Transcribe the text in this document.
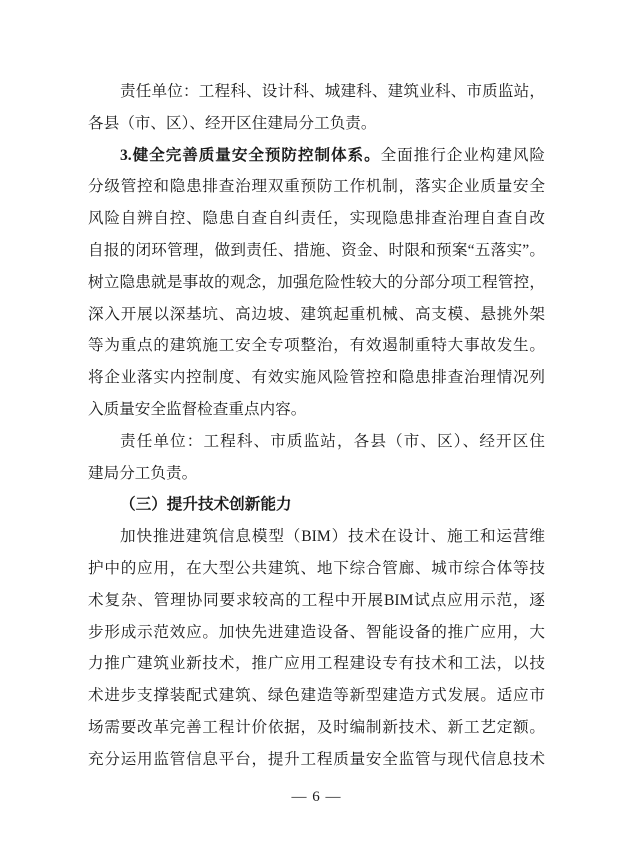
责任单位：工程科、设计科、城建科、建筑业科、市质监站，
各县（市、区）、经开区住建局分工负责。
3.健全完善质量安全预防控制体系。全面推行企业构建风险
分级管控和隐患排查治理双重预防工作机制，落实企业质量安全
风险自辨自控、隐患自查自纠责任，实现隐患排查治理自查自改
自报的闭环管理，做到责任、措施、资金、时限和预案“五落实”。
树立隐患就是事故的观念，加强危险性较大的分部分项工程管控，
深入开展以深基坑、高边坡、建筑起重机械、高支模、悬挑外架
等为重点的建筑施工安全专项整治，有效遏制重特大事故发生。
将企业落实内控制度、有效实施风险管控和隐患排查治理情况列
入质量安全监督检查重点内容。
责任单位：工程科、市质监站，各县（市、区）、经开区住
建局分工负责。
（三）提升技术创新能力
加快推进建筑信息模型（BIM）技术在设计、施工和运营维
护中的应用，在大型公共建筑、地下综合管廊、城市综合体等技
术复杂、管理协同要求较高的工程中开展BIM试点应用示范，逐
步形成示范效应。加快先进建造设备、智能设备的推广应用，大
力推广建筑业新技术，推广应用工程建设专有技术和工法，以技
术进步支撑装配式建筑、绿色建造等新型建造方式发展。适应市
场需要改革完善工程计价依据，及时编制新技术、新工艺定额。
充分运用监管信息平台，提升工程质量安全监管与现代信息技术
— 6 —
